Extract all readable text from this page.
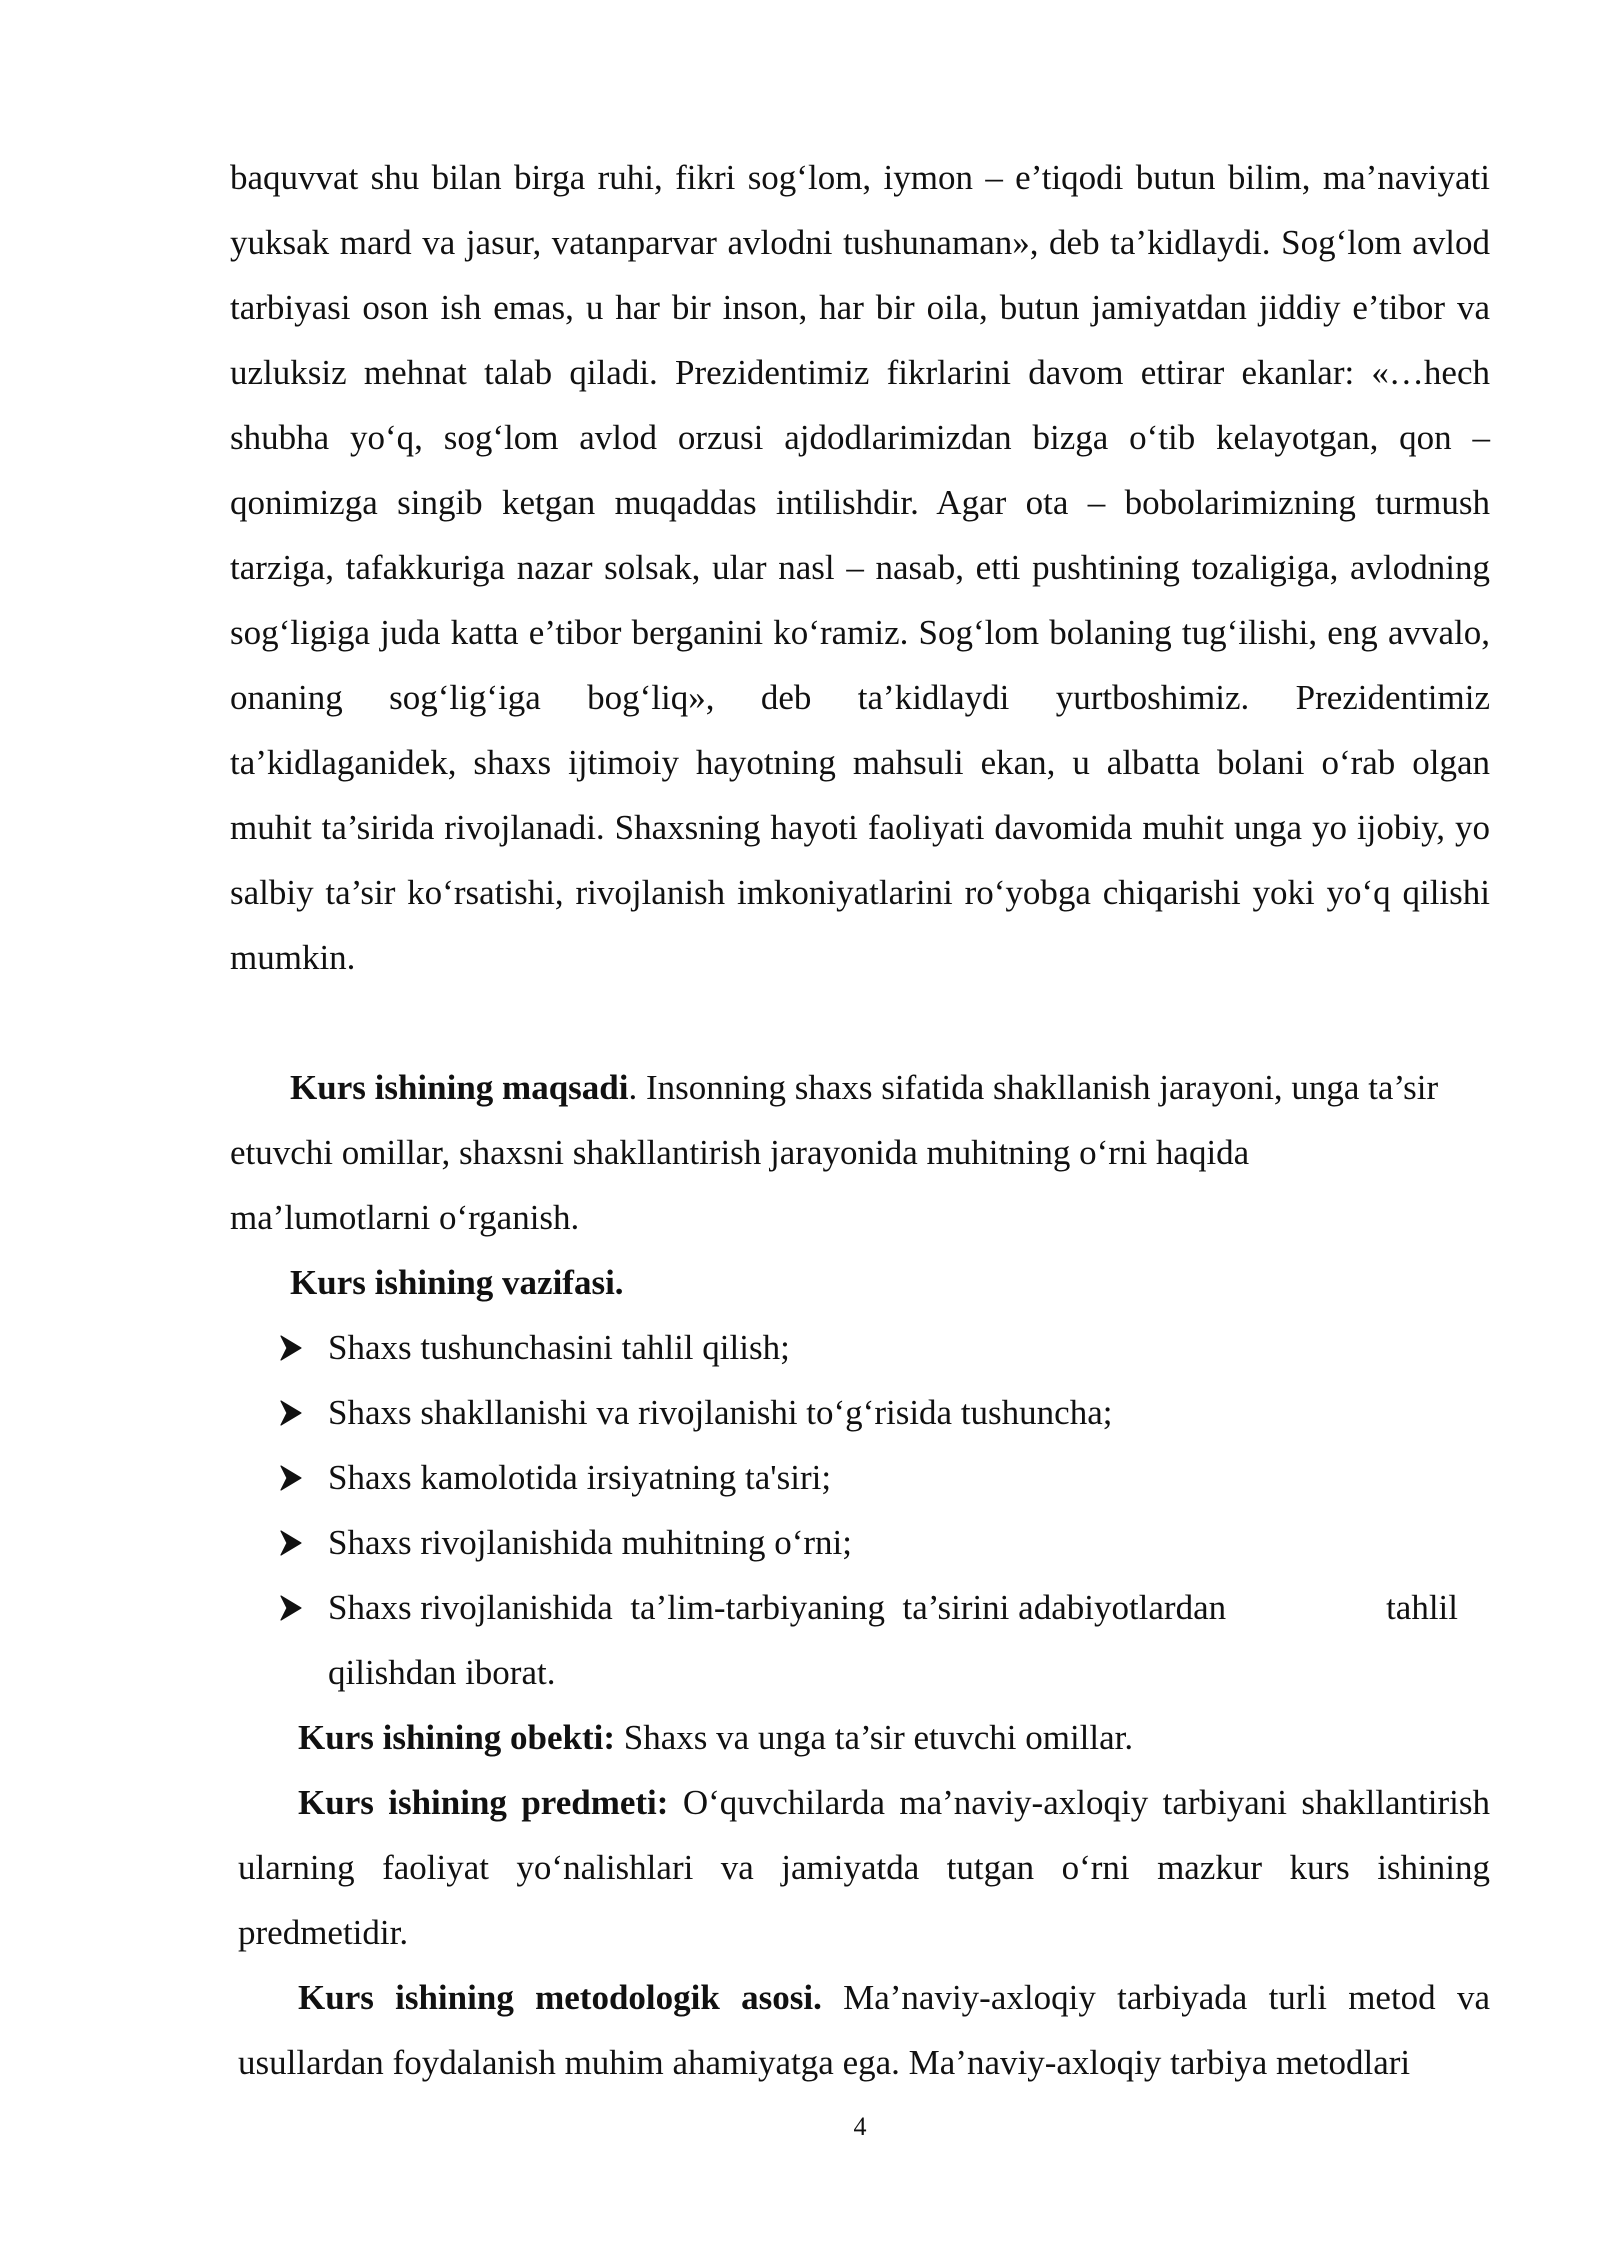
baquvvat shu bilan birga ruhi, fikri sog‘lom, iymon – e’tiqodi butun bilim, ma’naviyati yuksak mard va jasur, vatanparvar avlodni tushunaman», deb ta’kidlaydi. Sog‘lom avlod tarbiyasi oson ish emas, u har bir inson, har bir oila, butun jamiyatdan jiddiy e’tibor va uzluksiz mehnat talab qiladi. Prezidentimiz fikrlarini davom ettirar ekanlar: «…hech shubha yo‘q, sog‘lom avlod orzusi ajdodlarimizdan bizga o‘tib kelayotgan, qon – qonimizga singib ketgan muqaddas intilishdir. Agar ota – bobolarimizning turmush tarziga, tafakkuriga nazar solsak, ular nasl – nasab, etti pushtining tozaligiga, avlodning sog‘ligiga juda katta e’tibor berganini ko‘ramiz. Sog‘lom bolaning tug‘ilishi, eng avvalo, onaning sog‘lig‘iga bog‘liq», deb ta’kidlaydi yurtboshimiz. Prezidentimiz ta’kidlaganidek, shaxs ijtimoiy hayotning mahsuli ekan, u albatta bolani o‘rab olgan muhit ta’sirida rivojlanadi. Shaxsning hayoti faoliyati davomida muhit unga yo ijobiy, yo salbiy ta’sir ko‘rsatishi, rivojlanish imkoniyatlarini ro‘yobga chiqarishi yoki yo‘q qilishi mumkin.

Kurs ishining maqsadi. Insonning shaxs sifatida shakllanish jarayoni, unga ta’sir etuvchi omillar, shaxsni shakllantirish jarayonida muhitning o‘rni haqida ma’lumotlarni o‘rganish.
Kurs ishining vazifasi.
Shaxs tushunchasini tahlil qilish;
Shaxs shakllanishi va rivojlanishi to‘g‘risida tushuncha;
Shaxs kamolotida irsiyatning ta'siri;
Shaxs rivojlanishida muhitning o‘rni;
Shaxs rivojlanishida  ta’lim-tarbiyaning  ta’sirini adabiyotlardan	tahlil
qilishdan iborat.
Kurs ishining obekti: Shaxs va unga ta’sir etuvchi omillar.
Kurs ishining predmeti: O‘quvchilarda ma’naviy-axloqiy tarbiyani shakllantirish ularning faoliyat yo‘nalishlari va jamiyatda tutgan o‘rni mazkur kurs ishining predmetidir.
Kurs ishining metodologik asosi. Ma’naviy-axloqiy tarbiyada turli metod va usullardan foydalanish muhim ahamiyatga ega. Ma’naviy-axloqiy tarbiya metodlari
4
